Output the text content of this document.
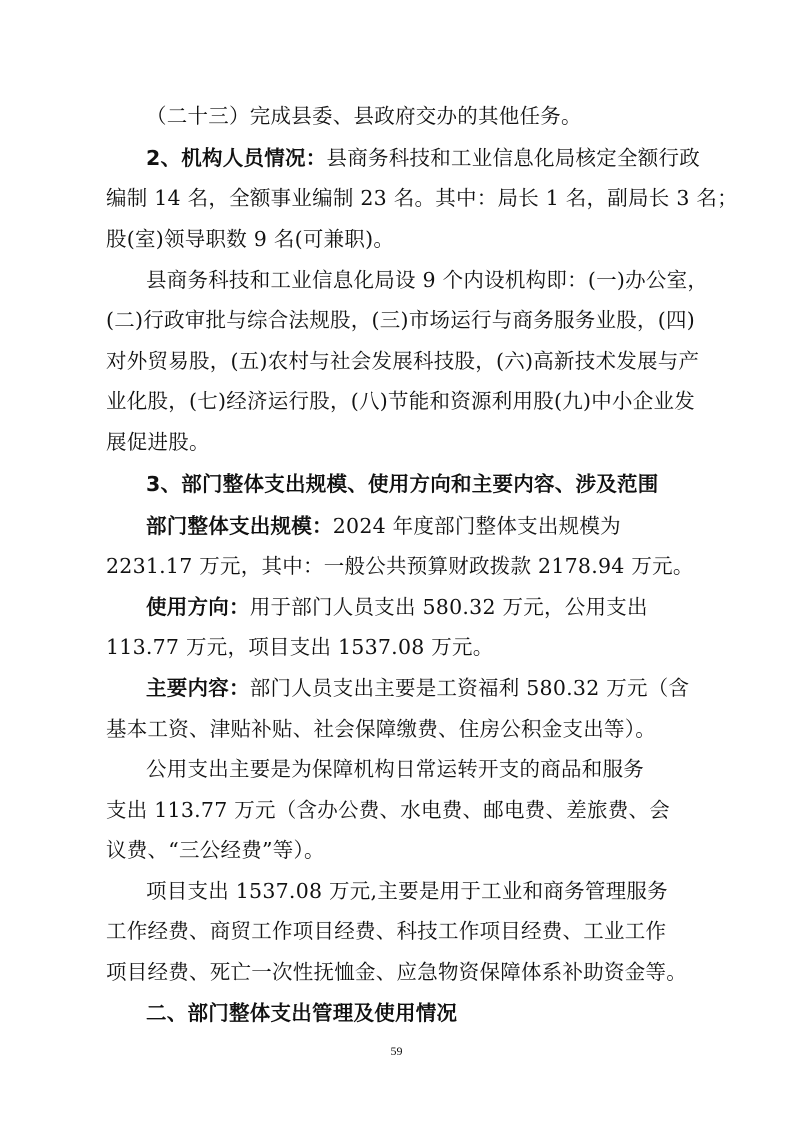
（二十三）完成县委、县政府交办的其他任务。
2、机构人员情况：县商务科技和工业信息化局核定全额行政
编制 14 名，全额事业编制 23 名。其中：局长 1 名，副局长 3 名；
股(室)领导职数 9 名(可兼职)。
县商务科技和工业信息化局设 9 个内设机构即：(一)办公室，
(二)行政审批与综合法规股，(三)市场运行与商务服务业股，(四)
对外贸易股，(五)农村与社会发展科技股，(六)高新技术发展与产
业化股，(七)经济运行股，(八)节能和资源利用股(九)中小企业发
展促进股。
3、部门整体支出规模、使用方向和主要内容、涉及范围
部门整体支出规模：2024 年度部门整体支出规模为
2231.17 万元，其中：一般公共预算财政拨款 2178.94 万元。
使用方向：用于部门人员支出 580.32 万元，公用支出
113.77 万元，项目支出 1537.08 万元。
主要内容：部门人员支出主要是工资福利 580.32 万元（含
基本工资、津贴补贴、社会保障缴费、住房公积金支出等）。
公用支出主要是为保障机构日常运转开支的商品和服务
支出 113.77 万元（含办公费、水电费、邮电费、差旅费、会
议费、“三公经费”等）。
项目支出 1537.08 万元,主要是用于工业和商务管理服务
工作经费、商贸工作项目经费、科技工作项目经费、工业工作
项目经费、死亡一次性抚恤金、应急物资保障体系补助资金等。
二、部门整体支出管理及使用情况
59
